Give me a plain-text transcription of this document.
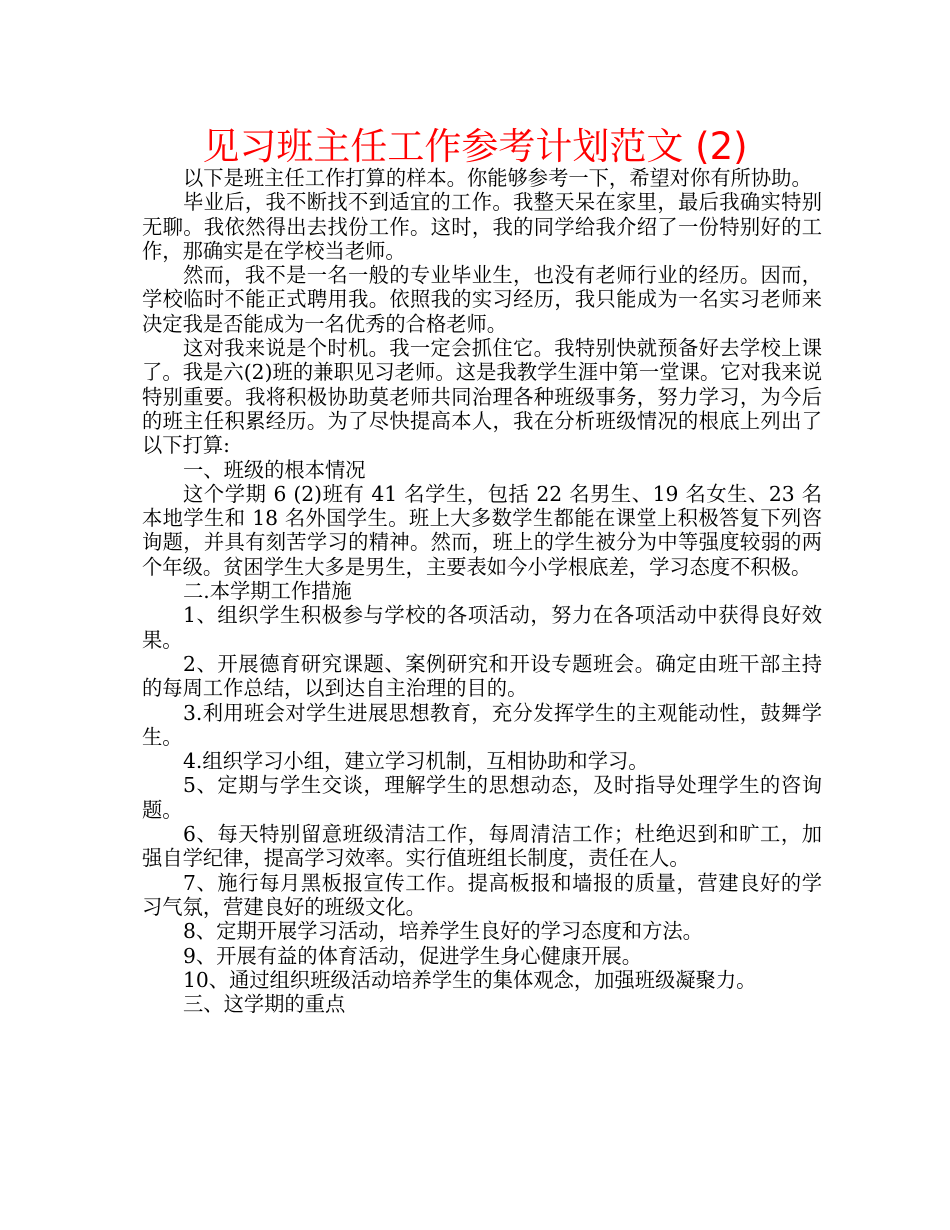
见习班主任工作参考计划范文 (2)

以下是班主任工作打算的样本。你能够参考一下，希望对你有所协助。

毕业后，我不断找不到适宜的工作。我整天呆在家里，最后我确实特别无聊。我依然得出去找份工作。这时，我的同学给我介绍了一份特别好的工作，那确实是在学校当老师。

然而，我不是一名一般的专业毕业生，也没有老师行业的经历。因而，学校临时不能正式聘用我。依照我的实习经历，我只能成为一名实习老师来决定我是否能成为一名优秀的合格老师。

这对我来说是个时机。我一定会抓住它。我特别快就预备好去学校上课了。我是六(2)班的兼职见习老师。这是我教学生涯中第一堂课。它对我来说特别重要。我将积极协助莫老师共同治理各种班级事务，努力学习，为今后的班主任积累经历。为了尽快提高本人，我在分析班级情况的根底上列出了以下打算:

一、班级的根本情况

这个学期 6 (2)班有 41 名学生，包括 22 名男生、19 名女生、23 名本地学生和 18 名外国学生。班上大多数学生都能在课堂上积极答复下列咨询题，并具有刻苦学习的精神。然而，班上的学生被分为中等强度较弱的两个年级。贫困学生大多是男生，主要表如今小学根底差，学习态度不积极。

二.本学期工作措施

1、组织学生积极参与学校的各项活动，努力在各项活动中获得良好效果。

2、开展德育研究课题、案例研究和开设专题班会。确定由班干部主持的每周工作总结，以到达自主治理的目的。

3.利用班会对学生进展思想教育，充分发挥学生的主观能动性，鼓舞学生。

4.组织学习小组，建立学习机制，互相协助和学习。

5、定期与学生交谈，理解学生的思想动态，及时指导处理学生的咨询题。

6、每天特别留意班级清洁工作，每周清洁工作；杜绝迟到和旷工，加强自学纪律，提高学习效率。实行值班组长制度，责任在人。

7、施行每月黑板报宣传工作。提高板报和墙报的质量，营建良好的学习气氛，营建良好的班级文化。

8、定期开展学习活动，培养学生良好的学习态度和方法。

9、开展有益的体育活动，促进学生身心健康开展。

10、通过组织班级活动培养学生的集体观念，加强班级凝聚力。

三、这学期的重点
